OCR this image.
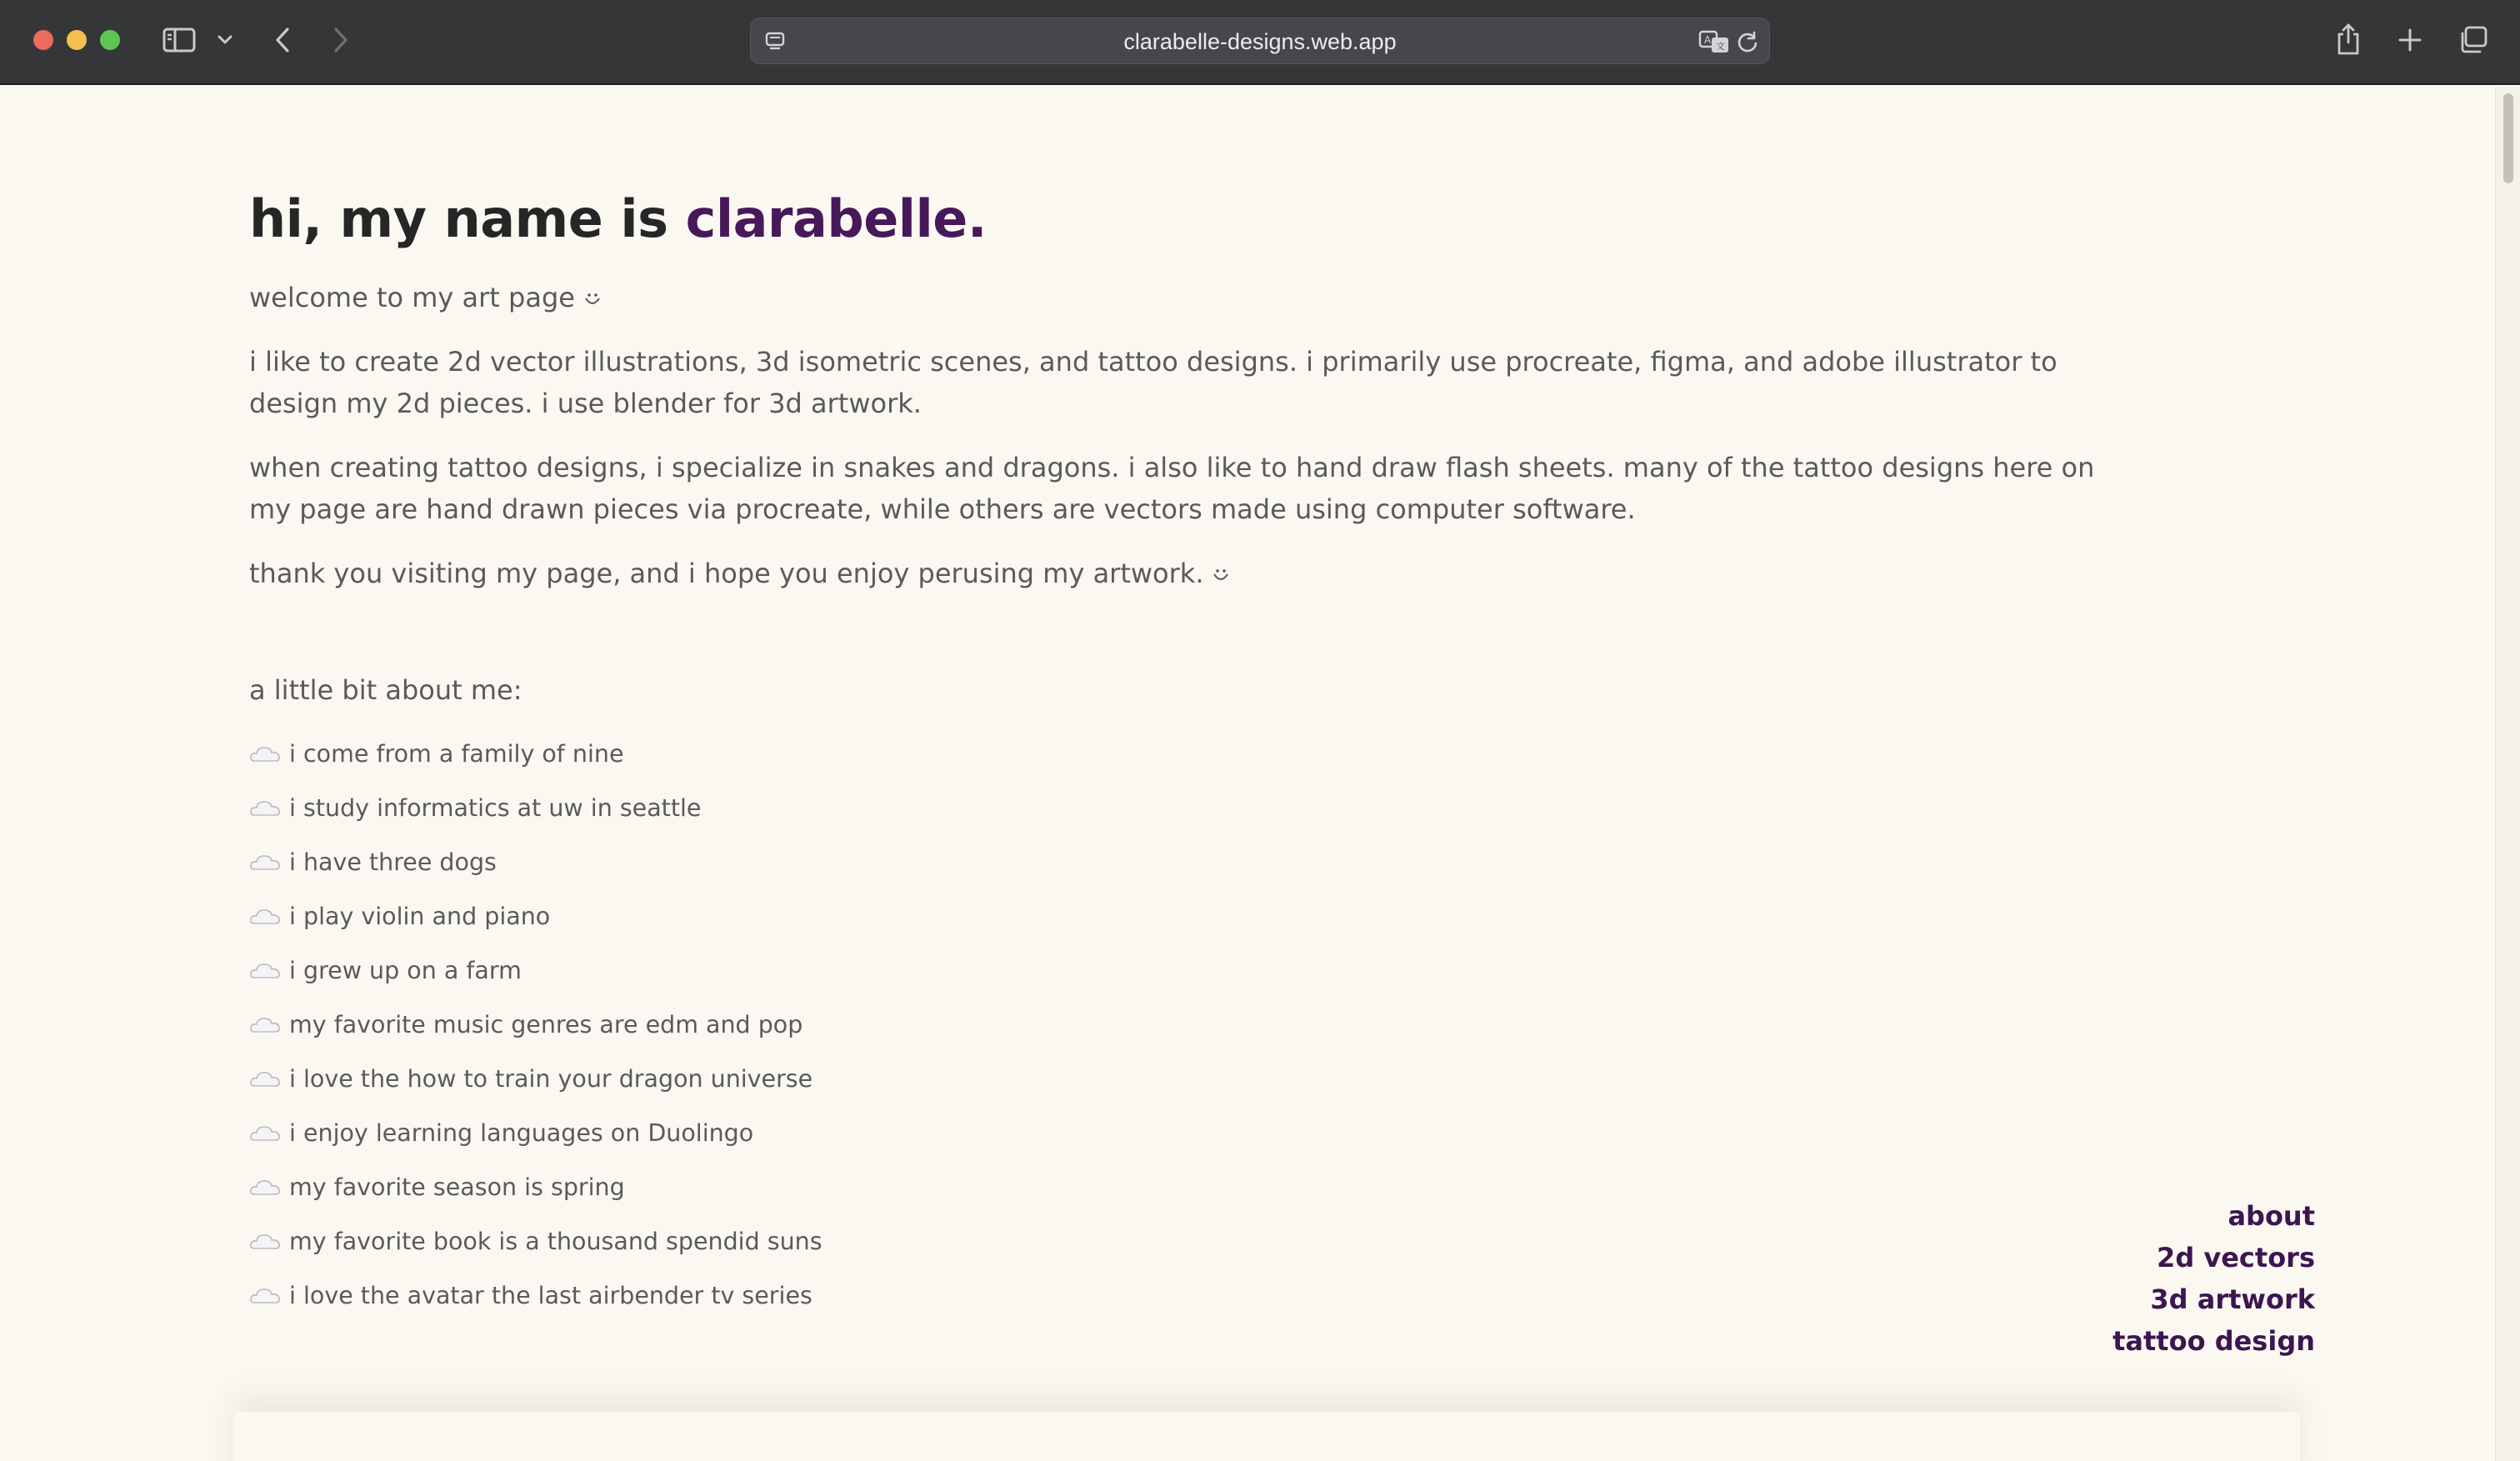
clarabelle-designs.web.app	A
文
hi, my name is clarabelle.
welcome to my art page
i like to create 2d vector illustrations, 3d isometric scenes, and tattoo designs. i primarily use procreate, figma, and adobe illustrator to design my 2d pieces. i use blender for 3d artwork.
when creating tattoo designs, i specialize in snakes and dragons. i also like to hand draw flash sheets. many of the tattoo designs here on my page are hand drawn pieces via procreate, while others are vectors made using computer software.
thank you visiting my page, and i hope you enjoy perusing my artwork.
a little bit about me:
i come from a family of nine
i study informatics at uw in seattle
i have three dogs
i play violin and piano
i grew up on a farm
my favorite music genres are edm and pop
i love the how to train your dragon universe
i enjoy learning languages on Duolingo
my favorite season is spring
my favorite book is a thousand spendid suns
i love the avatar the last airbender tv series
about
2d vectors
3d artwork
tattoo design
